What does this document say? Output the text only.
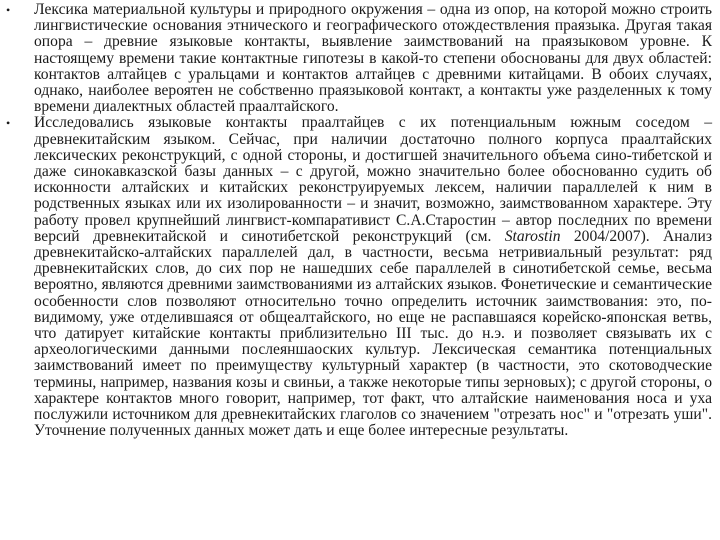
• Лексика материальной культуры и природного окружения – одна из опор, на которой можно строить лингвистические основания этнического и географического отождествления праязыка. Другая такая опора – древние языковые контакты, выявление заимствований на праязыковом уровне. К настоящему времени такие контактные гипотезы в какой-то степени обоснованы для двух областей: контактов алтайцев с уральцами и контактов алтайцев с древними китайцами. В обоих случаях, однако, наиболее вероятен не собственно праязыковой контакт, а контакты уже разделенных к тому времени диалектных областей праалтайского.
• Исследовались языковые контакты праалтайцев с их потенциальным южным соседом – древнекитайским языком. Сейчас, при наличии достаточно полного корпуса праалтайских лексических реконструкций, с одной стороны, и достигшей значительного объема сино-тибетской и даже синокавказской базы данных – с другой, можно значительно более обоснованно судить об исконности алтайских и китайских реконструируемых лексем, наличии параллелей к ним в родственных языках или их изолированности – и значит, возможно, заимствованном характере. Эту работу провел крупнейший лингвист-компаративист С.А.Старостин – автор последних по времени версий древнекитайской и синотибетской реконструкций (см. Starostin 2004/2007). Анализ древнекитайско-алтайских параллелей дал, в частности, весьма нетривиальный результат: ряд древнекитайских слов, до сих пор не нашедших себе параллелей в синотибетской семье, весьма вероятно, являются древними заимствованиями из алтайских языков. Фонетические и семантические особенности слов позволяют относительно точно определить источник заимствования: это, по-видимому, уже отделившаяся от общеалтайского, но еще не распавшаяся корейско-японская ветвь, что датирует китайские контакты приблизительно III тыс. до н.э. и позволяет связывать их с археологическими данными послеяншаоских культур. Лексическая семантика потенциальных заимствований имеет по преимуществу культурный характер (в частности, это скотоводческие термины, например, названия козы и свиньи, а также некоторые типы зерновых); с другой стороны, о характере контактов много говорит, например, тот факт, что алтайские наименования носа и уха послужили источником для древнекитайских глаголов со значением "отрезать нос" и "отрезать уши". Уточнение полученных данных может дать и еще более интересные результаты.
